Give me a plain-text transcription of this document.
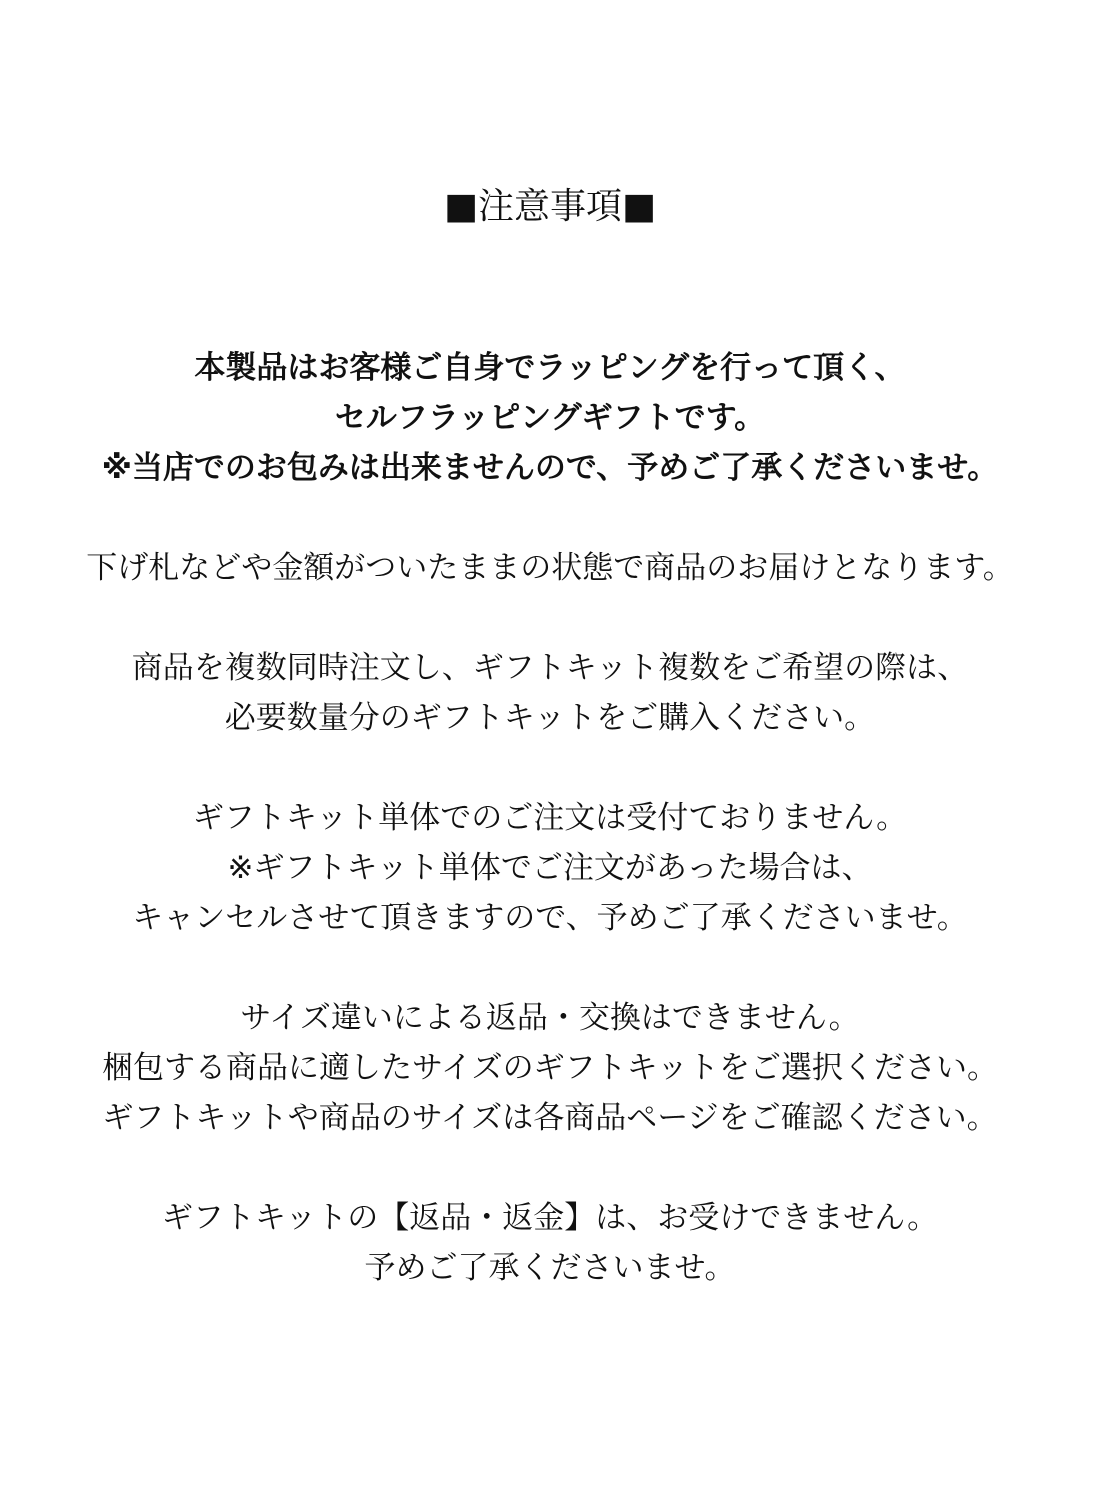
■注意事項■
本製品はお客様ご自身でラッピングを行って頂く、
セルフラッピングギフトです。
※当店でのお包みは出来ませんので、予めご了承くださいませ。
下げ札などや金額がついたままの状態で商品のお届けとなります。
商品を複数同時注文し、ギフトキット複数をご希望の際は、
必要数量分のギフトキットをご購入ください。
ギフトキット単体でのご注文は受付ておりません。
※ギフトキット単体でご注文があった場合は、
キャンセルさせて頂きますので、予めご了承くださいませ。
サイズ違いによる返品・交換はできません。
梱包する商品に適したサイズのギフトキットをご選択ください。
ギフトキットや商品のサイズは各商品ページをご確認ください。
ギフトキットの【返品・返金】は、お受けできません。
予めご了承くださいませ。
